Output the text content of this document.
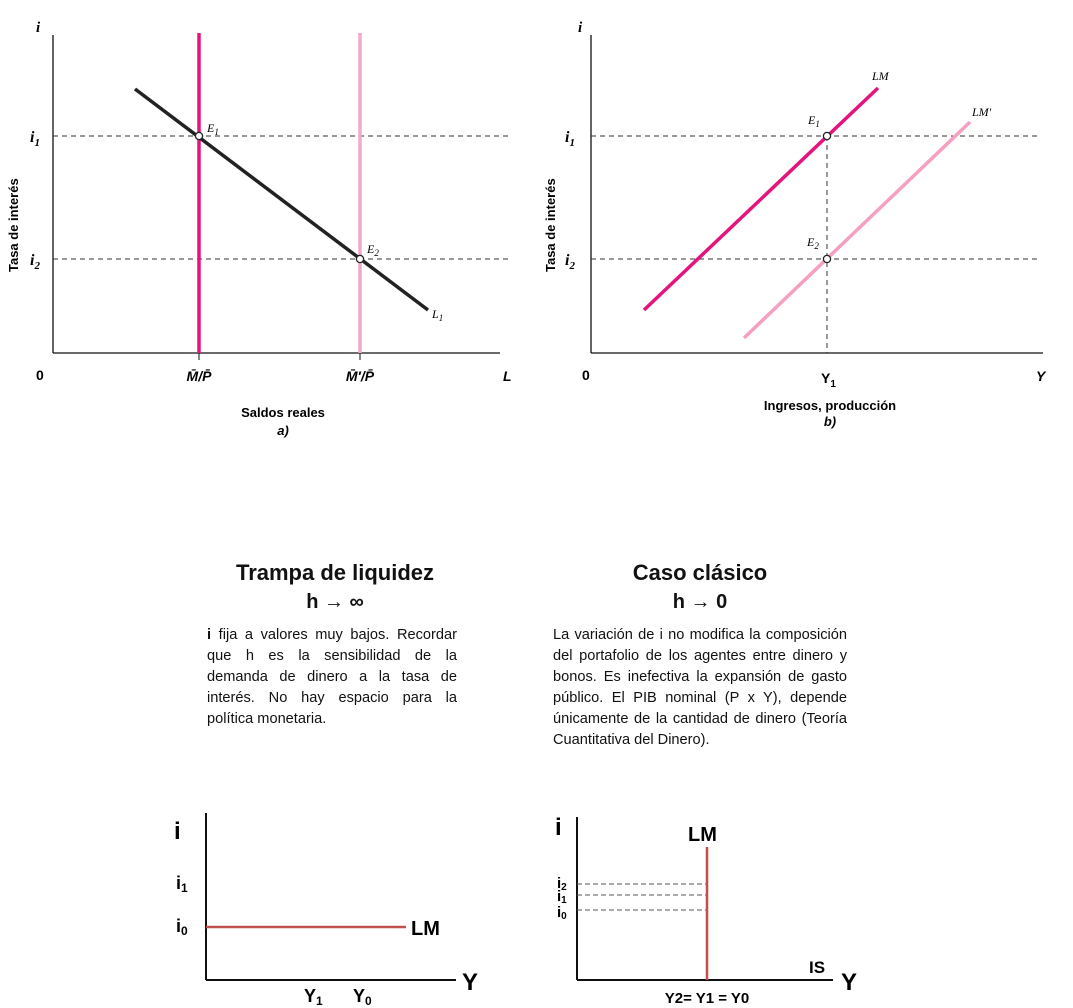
i
Tasa de interés
$i_1$
$i_2$
$L_1$
$E_1$
$E_2$
0	M̄/P̄	M̄′/P̄	L
Saldos reales
a)
i
Tasa de interés
$i_1$
$i_2$
LM
LM′
$E_1$
$E_2$
0	$Y_1$
Y
Ingresos, producción
b)
Trampa de liquidez
h → ∞
i fija a valores muy bajos. Recordar que h es la sensibilidad de la demanda de dinero a la tasa de interés. No hay espacio para la política monetaria.
i
i1
i0	LM
Y
Y1 Y0
Caso clásico
h → 0
La variación de i no modifica la composición del portafolio de los agentes entre dinero y bonos. Es inefectiva la expansión de gasto público. El PIB nominal (P x Y), depende únicamente de la cantidad de dinero (Teoría Cuantitativa del Dinero).
i
i2
i1
i0
LM
IS
Y
Y2= Y1 = Y0
